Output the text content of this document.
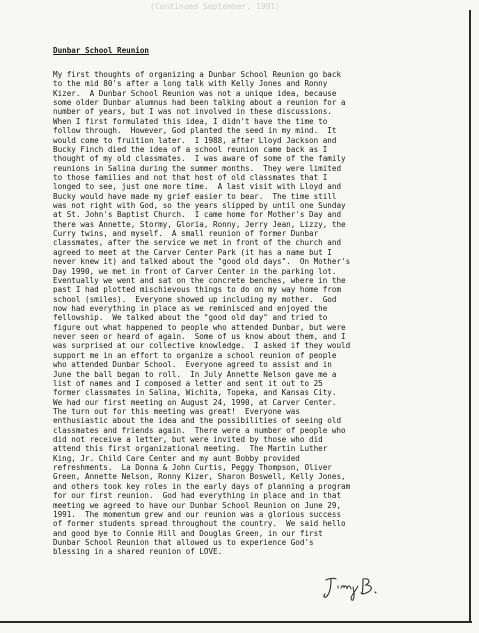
(Continued September, 1991)
Dunbar School Reunion
My first thoughts of organizing a Dunbar School Reunion go back
to the mid 80's after a long talk with Kelly Jones and Ronny
Kizer.  A Dunbar School Reunion was not a unique idea, because
some older Dunbar alumnus had been talking about a reunion for a
number of years, but I was not involved in these discussions.
When I first formulated this idea, I didn't have the time to
follow through.  However, God planted the seed in my mind.  It
would come to fruition later.  I 1988, after Lloyd Jackson and
Bucky Finch died the idea of a school reunion came back as I
thought of my old classmates.  I was aware of some of the family
reunions in Salina during the summer months.  They were limited
to those families and not that host of old classmates that I
longed to see, just one more time.  A last visit with Lloyd and
Bucky would have made my grief easier to bear.  The time still
was not right with God, so the years slipped by until one Sunday
at St. John's Baptist Church.  I came home for Mother's Day and
there was Annette, Stormy, Gloria, Ronny, Jerry Jean, Lizzy, the
Curry twins, and myself.  A small reunion of former Dunbar
classmates, after the service we met in front of the church and
agreed to meet at the Carver Center Park (it has a name but I
never knew it) and talked about the "good old days".  On Mother's
Day 1990, we met in front of Carver Center in the parking lot.
Eventually we went and sat on the concrete benches, where in the
past I had plotted mischievous things to do on my way home from
school (smiles).  Everyone showed up including my mother.  God
now had everything in place as we reminisced and enjoyed the
fellowship.  We talked about the "good old day" and tried to
figure out what happened to people who attended Dunbar, but were
never seen or heard of again.  Some of us know about them, and I
was surprised at our collective knowledge.  I asked if they would
support me in an effort to organize a school reunion of people
who attended Dunbar School.  Everyone agreed to assist and in
June the ball began to roll.  In July Annette Nelson gave me a
list of names and I composed a letter and sent it out to 25
former classmates in Salina, Wichita, Topeka, and Kansas City.
We had our first meeting on August 24, 1990, at Carver Center.
The turn out for this meeting was great!  Everyone was
enthusiastic about the idea and the possibilities of seeing old
classmates and friends again.  There were a number of people who
did not receive a letter, but were invited by those who did
attend this first organizational meeting.  The Martin Luther
King, Jr. Child Care Center and my aunt Bobby provided
refreshments.  La Donna & John Curtis, Peggy Thompson, Oliver
Green, Annette Nelson, Ronny Kizer, Sharon Boswell, Kelly Jones,
and others took key roles in the early days of planning a program
for our first reunion.  God had everything in place and in that
meeting we agreed to have our Dunbar School Reunion on June 29,
1991.  The momentum grew and our reunion was a glorious success
of former students spread throughout the country.  We said hello
and good bye to Connie Hill and Douglas Green, in our first
Dunbar School Reunion that allowed us to experience God's
blessing in a shared reunion of LOVE.
